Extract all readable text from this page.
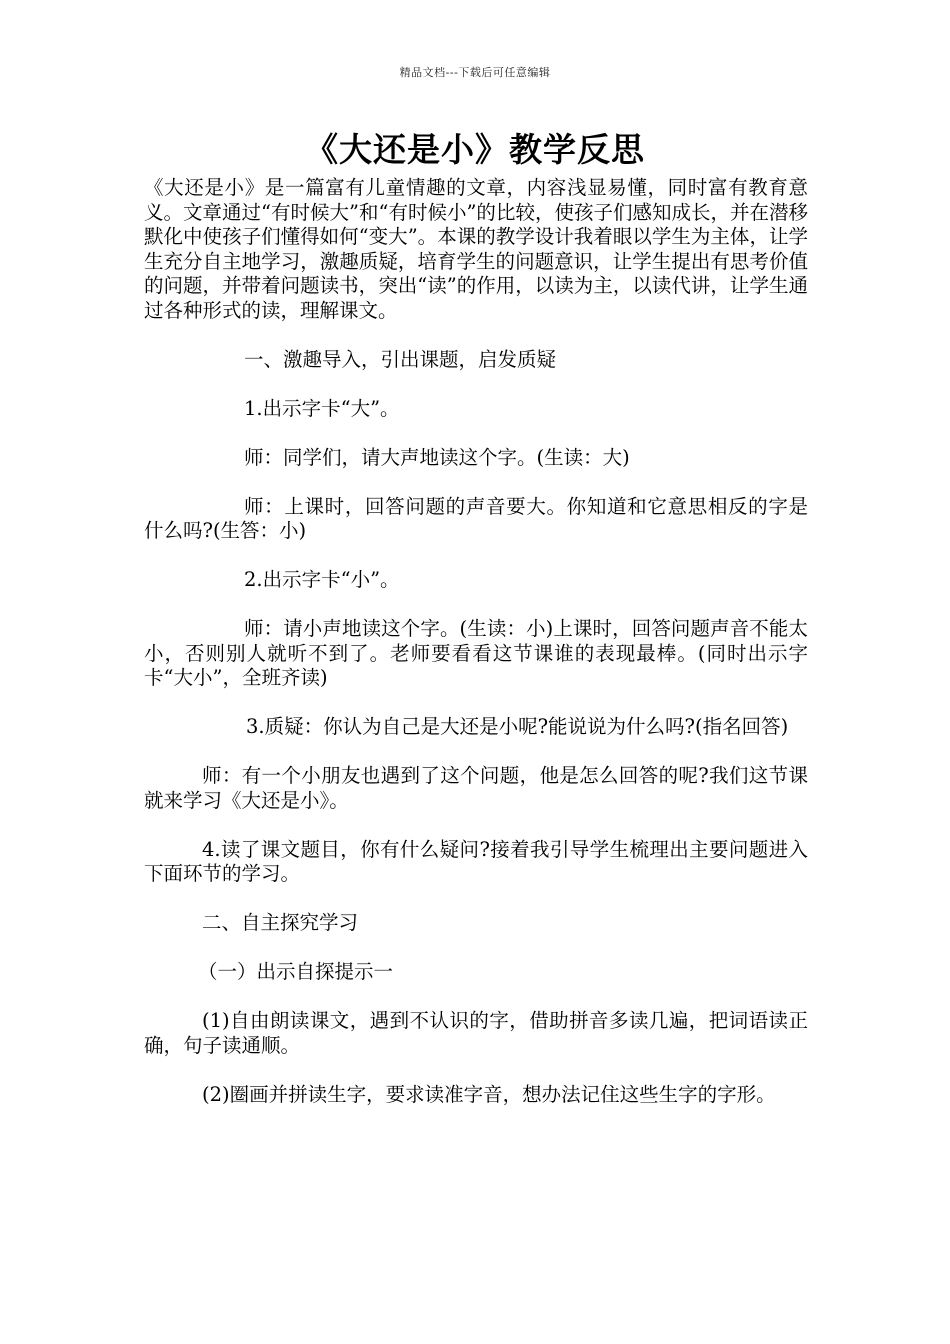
精品文档---下载后可任意编辑
《大还是小》教学反思

《大还是小》是一篇富有儿童情趣的文章，内容浅显易懂，同时富有教育意义。文章通过“有时候大”和“有时候小”的比较，使孩子们感知成长，并在潜移默化中使孩子们懂得如何“变大”。本课的教学设计我着眼以学生为主体，让学生充分自主地学习，激趣质疑，培育学生的问题意识，让学生提出有思考价值的问题，并带着问题读书，突出“读”的作用，以读为主，以读代讲，让学生通过各种形式的读，理解课文。

一、激趣导入，引出课题，启发质疑

1.出示字卡“大”。

师：同学们，请大声地读这个字。(生读：大)

师：上课时，回答问题的声音要大。你知道和它意思相反的字是什么吗?(生答：小)

2.出示字卡“小”。

师：请小声地读这个字。(生读：小)上课时，回答问题声音不能太小，否则别人就听不到了。老师要看看这节课谁的表现最棒。(同时出示字卡“大小”，全班齐读)

3.质疑：你认为自己是大还是小呢?能说说为什么吗?(指名回答)

师：有一个小朋友也遇到了这个问题，他是怎么回答的呢?我们这节课就来学习《大还是小》。

4.读了课文题目，你有什么疑问?接着我引导学生梳理出主要问题进入下面环节的学习。

二、自主探究学习

（一）出示自探提示一

(1)自由朗读课文，遇到不认识的字，借助拼音多读几遍，把词语读正确，句子读通顺。

(2)圈画并拼读生字，要求读准字音，想办法记住这些生字的字形。
